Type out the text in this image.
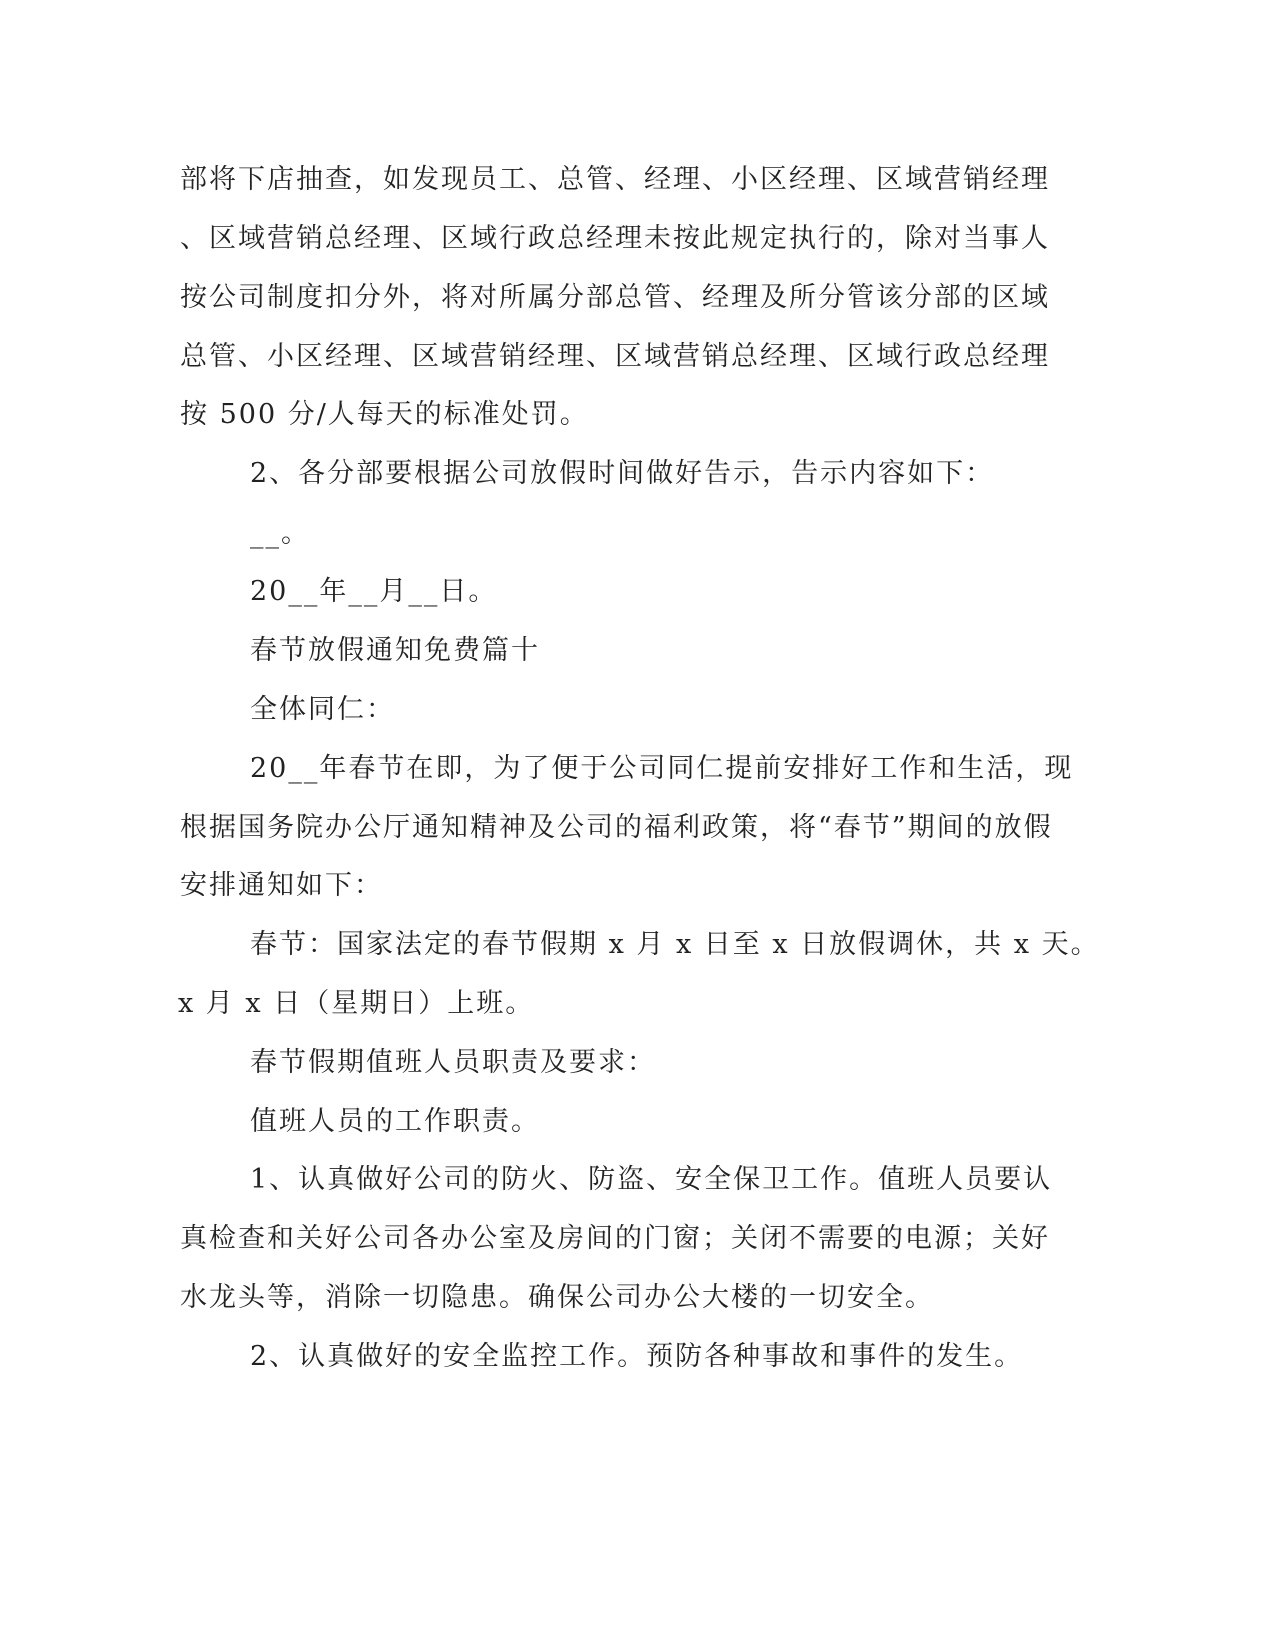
部将下店抽查，如发现员工、总管、经理、小区经理、区域营销经理
、区域营销总经理、区域行政总经理未按此规定执行的，除对当事人
按公司制度扣分外，将对所属分部总管、经理及所分管该分部的区域
总管、小区经理、区域营销经理、区域营销总经理、区域行政总经理
按 500 分/人每天的标准处罚。
2、各分部要根据公司放假时间做好告示，告示内容如下：
__。
20__年__月__日。
春节放假通知免费篇十
全体同仁：
20__年春节在即，为了便于公司同仁提前安排好工作和生活，现
根据国务院办公厅通知精神及公司的福利政策，将“春节”期间的放假
安排通知如下：
春节：国家法定的春节假期 x 月 x 日至 x 日放假调休，共 x 天。
x 月 x 日（星期日）上班。
春节假期值班人员职责及要求：
值班人员的工作职责。
1、认真做好公司的防火、防盗、安全保卫工作。值班人员要认
真检查和关好公司各办公室及房间的门窗；关闭不需要的电源；关好
水龙头等，消除一切隐患。确保公司办公大楼的一切安全。
2、认真做好的安全监控工作。预防各种事故和事件的发生。
